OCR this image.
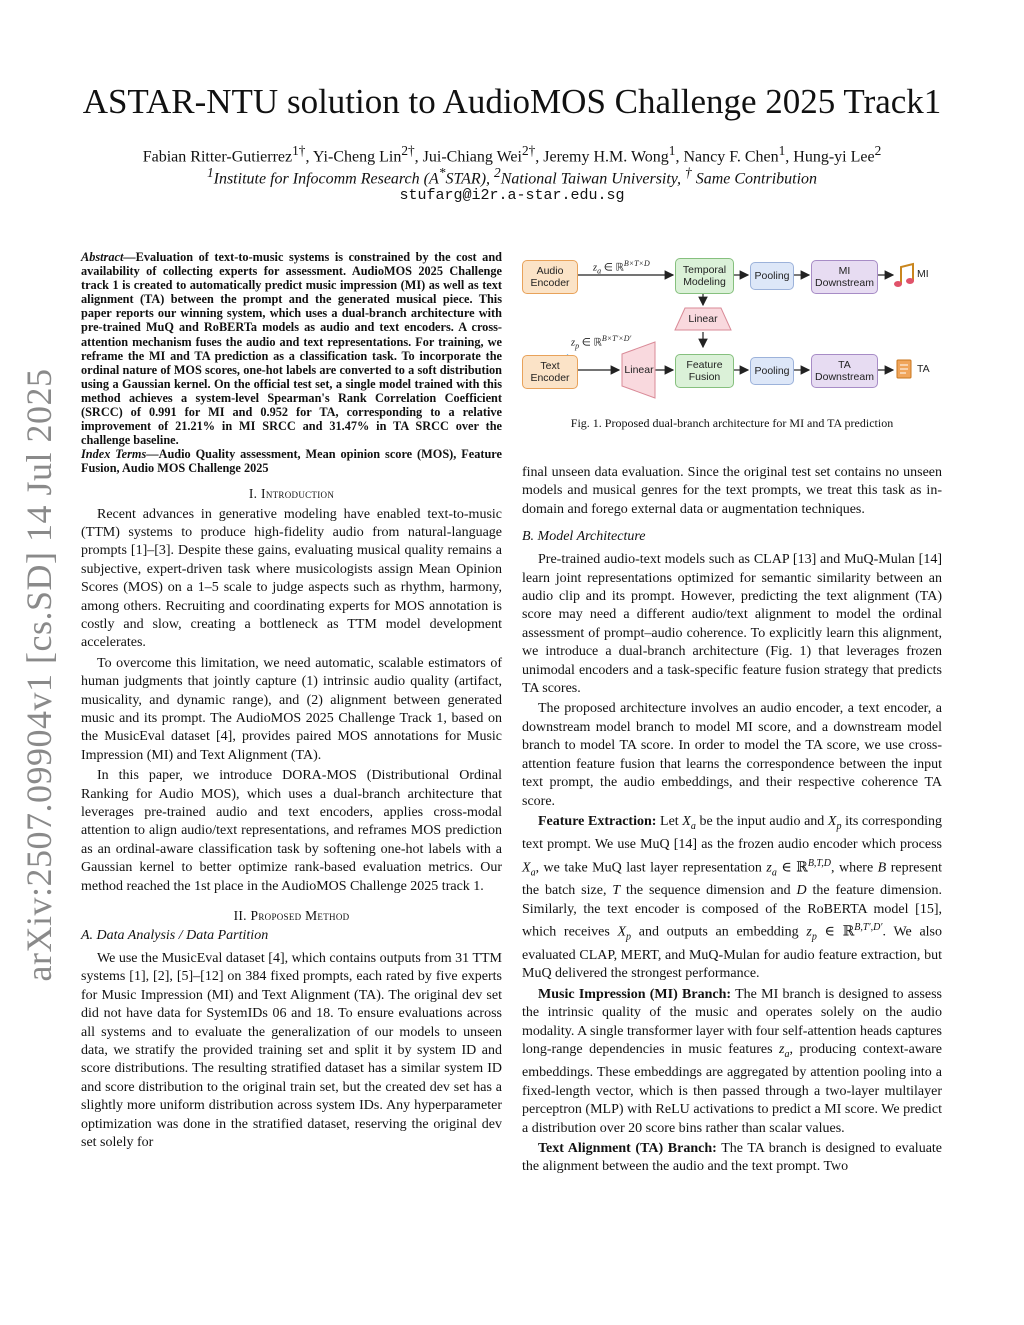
arXiv:2507.09904v1 [cs.SD] 14 Jul 2025
ASTAR-NTU solution to AudioMOS Challenge 2025 Track1
Fabian Ritter-Gutierrez$^{1\dagger}$, Yi-Cheng Lin$^{2\dagger}$, Jui-Chiang Wei$^{2\dagger}$, Jeremy H.M. Wong$^1$, Nancy F. Chen$^1$, Hung-yi Lee$^2$
$^1$Institute for Infocomm Research (A*STAR), $^2$National Taiwan University, † Same Contribution
stufarg@i2r.a-star.edu.sg

Abstract—Evaluation of text-to-music systems is constrained by the cost and availability of collecting experts for assessment. AudioMOS 2025 Challenge track 1 is created to automatically predict music impression (MI) as well as text alignment (TA) between the prompt and the generated musical piece. This paper reports our winning system, which uses a dual-branch architecture with pre-trained MuQ and RoBERTa models as audio and text encoders. A cross-attention mechanism fuses the audio and text representations. For training, we reframe the MI and TA prediction as a classification task. To incorporate the ordinal nature of MOS scores, one-hot labels are converted to a soft distribution using a Gaussian kernel. On the official test set, a single model trained with this method achieves a system-level Spearman's Rank Correlation Coefficient (SRCC) of 0.991 for MI and 0.952 for TA, corresponding to a relative improvement of 21.21% in MI SRCC and 31.47% in TA SRCC over the challenge baseline.

Index Terms—Audio Quality assessment, Mean opinion score (MOS), Feature Fusion, Audio MOS Challenge 2025

I. Introduction

Recent advances in generative modeling have enabled text-to-music (TTM) systems to produce high-fidelity audio from natural-language prompts [1]–[3]. Despite these gains, evaluating musical quality remains a subjective, expert-driven task where musicologists assign Mean Opinion Scores (MOS) on a 1–5 scale to judge aspects such as rhythm, harmony, among others. Recruiting and coordinating experts for MOS annotation is costly and slow, creating a bottleneck as TTM model development accelerates.

To overcome this limitation, we need automatic, scalable estimators of human judgments that jointly capture (1) intrinsic audio quality (artifact, musicality, and dynamic range), and (2) alignment between generated music and its prompt. The AudioMOS 2025 Challenge Track 1, based on the MusicEval dataset [4], provides paired MOS annotations for Music Impression (MI) and Text Alignment (TA).

In this paper, we introduce DORA-MOS (Distributional Ordinal Ranking for Audio MOS), which uses a dual-branch architecture that leverages pre-trained audio and text encoders, applies cross-modal attention to align audio/text representations, and reframes MOS prediction as an ordinal-aware classification task by softening one-hot labels with a Gaussian kernel to better optimize rank-based evaluation metrics. Our method reached the 1st place in the AudioMOS Challenge 2025 track 1.

II. Proposed Method
A. Data Analysis / Data Partition

We use the MusicEval dataset [4], which contains outputs from 31 TTM systems [1], [2], [5]–[12] on 384 fixed prompts, each rated by five experts for Music Impression (MI) and Text Alignment (TA). The original dev set did not have data for SystemIDs 06 and 18. To ensure evaluations across all systems and to evaluate the generalization of our models to unseen data, we stratify the provided training set and split it by system ID and score distributions. The resulting stratified dataset has a similar system ID and score distribution to the original train set, but the created dev set has a slightly more uniform distribution across system IDs. Any hyperparameter optimization was done in the stratified dataset, reserving the original dev set solely for

Audio Encoder
Temporal Modeling	Pooling	MI Downstream
MI
Linear
Text Encoder
Linear	Feature Fusion	Pooling	TA Downstream
TA
$z_a$ ∈ ℝ$^{B\times T\times D}$
$z_p$ ∈ ℝ$^{B\times T'\times D'}$
Fig. 1. Proposed dual-branch architecture for MI and TA prediction

final unseen data evaluation. Since the original test set contains no unseen models and musical genres for the text prompts, we treat this task as in-domain and forego external data or augmentation techniques.

B. Model Architecture

Pre-trained audio-text models such as CLAP [13] and MuQ-Mulan [14] learn joint representations optimized for semantic similarity between an audio clip and its prompt. However, predicting the text alignment (TA) score may need a different audio/text alignment to model the ordinal assessment of prompt–audio coherence. To explicitly learn this alignment, we introduce a dual-branch architecture (Fig. 1) that leverages frozen unimodal encoders and a task-specific feature fusion strategy that predicts TA scores.

The proposed architecture involves an audio encoder, a text encoder, a downstream model branch to model MI score, and a downstream model branch to model TA score. In order to model the TA score, we use cross-attention feature fusion that learns the correspondence between the input text prompt, the audio embeddings, and their respective coherence TA score.

Feature Extraction: Let $X_a$ be the input audio and $X_p$ its corresponding text prompt. We use MuQ [14] as the frozen audio encoder which process $X_a$, we take MuQ last layer representation $z_a$ ∈ ℝ$^{B,T,D}$, where B represent the batch size, T the sequence dimension and D the feature dimension. Similarly, the text encoder is composed of the RoBERTA model [15], which receives $X_p$ and outputs an embedding $z_p$ ∈ ℝ$^{B,T',D'}$. We also evaluated CLAP, MERT, and MuQ-Mulan for audio feature extraction, but MuQ delivered the strongest performance.

Music Impression (MI) Branch: The MI branch is designed to assess the intrinsic quality of the music and operates solely on the audio modality. A single transformer layer with four self-attention heads captures long-range dependencies in music features $z_a$, producing context-aware embeddings. These embeddings are aggregated by attention pooling into a fixed-length vector, which is then passed through a two-layer multilayer perceptron (MLP) with ReLU activations to predict a MI score. We predict a distribution over 20 score bins rather than scalar values.

Text Alignment (TA) Branch: The TA branch is designed to evaluate the alignment between the audio and the text prompt. Two
